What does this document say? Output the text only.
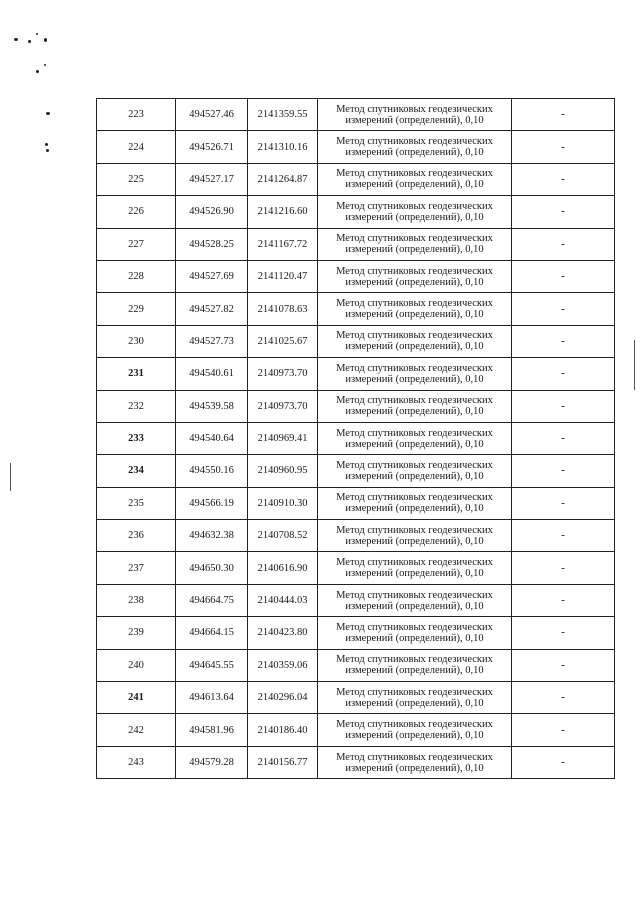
223	494527.46	2141359.55	Метод спутниковых геодезических измерений (определений), 0,10	-
224	494526.71	2141310.16	Метод спутниковых геодезических измерений (определений), 0,10	-
225	494527.17	2141264.87	Метод спутниковых геодезических измерений (определений), 0,10	-
226	494526.90	2141216.60	Метод спутниковых геодезических измерений (определений), 0,10	-
227	494528.25	2141167.72	Метод спутниковых геодезических измерений (определений), 0,10	-
228	494527.69	2141120.47	Метод спутниковых геодезических измерений (определений), 0,10	-
229	494527.82	2141078.63	Метод спутниковых геодезических измерений (определений), 0,10	-
230	494527.73	2141025.67	Метод спутниковых геодезических измерений (определений), 0,10	-
231	494540.61	2140973.70	Метод спутниковых геодезических измерений (определений), 0,10	-
232	494539.58	2140973.70	Метод спутниковых геодезических измерений (определений), 0,10	-
233	494540.64	2140969.41	Метод спутниковых геодезических измерений (определений), 0,10	-
234	494550.16	2140960.95	Метод спутниковых геодезических измерений (определений), 0,10	-
235	494566.19	2140910.30	Метод спутниковых геодезических измерений (определений), 0,10	-
236	494632.38	2140708.52	Метод спутниковых геодезических измерений (определений), 0,10	-
237	494650.30	2140616.90	Метод спутниковых геодезических измерений (определений), 0,10	-
238	494664.75	2140444.03	Метод спутниковых геодезических измерений (определений), 0,10	-
239	494664.15	2140423.80	Метод спутниковых геодезических измерений (определений), 0,10	-
240	494645.55	2140359.06	Метод спутниковых геодезических измерений (определений), 0,10	-
241	494613.64	2140296.04	Метод спутниковых геодезических измерений (определений), 0,10	-
242	494581.96	2140186.40	Метод спутниковых геодезических измерений (определений), 0,10	-
243	494579.28	2140156.77	Метод спутниковых геодезических измерений (определений), 0,10	-
